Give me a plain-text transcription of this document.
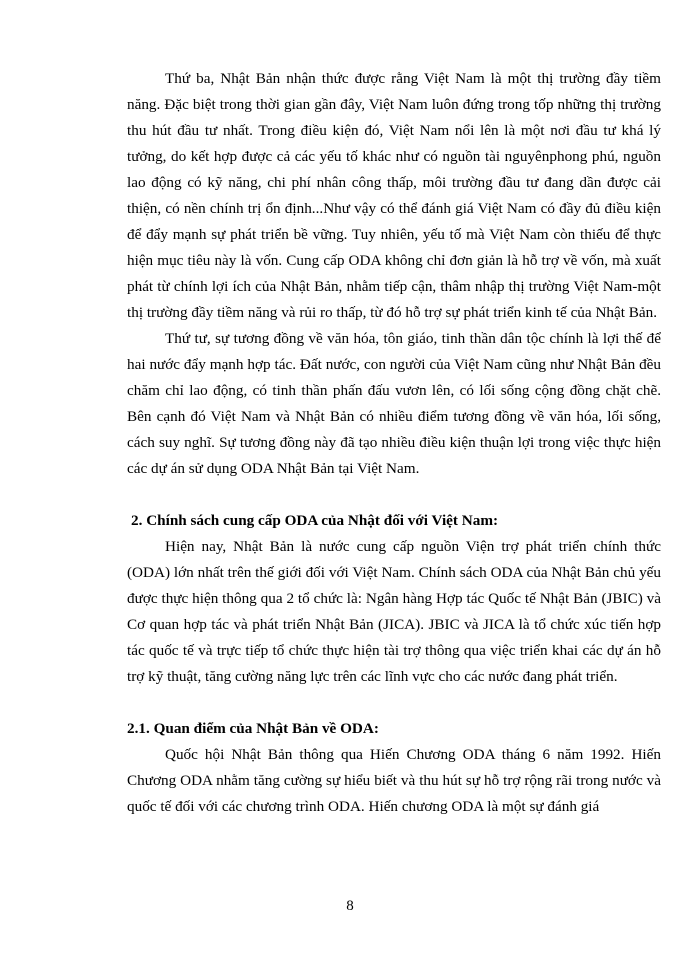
Thứ ba, Nhật Bản nhận thức được rằng Việt Nam là một thị trường đầy tiềm năng. Đặc biệt trong thời gian gần đây, Việt Nam luôn đứng trong tốp những thị trường thu hút đầu tư nhất. Trong điều kiện đó, Việt Nam nổi lên là một nơi đầu tư khá lý tưởng, do kết hợp được cả các yếu tố khác như có nguồn tài nguyênphong phú, nguồn lao động có kỹ năng, chi phí nhân công thấp, môi trường đầu tư đang dần được cải thiện, có nền chính trị ổn định...Như vậy có thể đánh giá Việt Nam có đầy đủ điều kiện để đẩy mạnh sự phát triển bề vững. Tuy nhiên, yếu tố mà Việt Nam còn thiếu để thực hiện mục tiêu này là vốn. Cung cấp ODA không chỉ đơn giản là hỗ trợ về vốn, mà xuất phát từ chính lợi ích của Nhật Bản, nhằm tiếp cận, thâm nhập thị trường Việt Nam-một thị trường đầy tiềm năng và rủi ro thấp, từ đó hỗ trợ sự phát triển kinh tế của Nhật Bản.

Thứ tư, sự tương đồng về văn hóa, tôn giáo, tinh thần dân tộc chính là lợi thế để hai nước đẩy mạnh hợp tác. Đất nước, con người của Việt Nam cũng như Nhật Bản đều chăm chỉ lao động, có tinh thần phấn đấu vươn lên, có lối sống cộng đồng chặt chẽ. Bên cạnh đó Việt Nam và Nhật Bản có nhiều điểm tương đồng về văn hóa, lối sống, cách suy nghĩ. Sự tương đồng này đã tạo nhiều điều kiện thuận lợi trong việc thực hiện các dự án sử dụng ODA Nhật Bản tại Việt Nam.

2. Chính sách cung cấp ODA của Nhật đối với Việt Nam:

Hiện nay, Nhật Bản là nước cung cấp nguồn Viện trợ phát triển chính thức (ODA) lớn nhất trên thế giới đối với Việt Nam. Chính sách ODA của Nhật Bản chủ yếu được thực hiện thông qua 2 tổ chức là: Ngân hàng Hợp tác Quốc tế Nhật Bản (JBIC) và Cơ quan hợp tác và phát triển Nhật Bản (JICA). JBIC và JICA là tổ chức xúc tiến hợp tác quốc tế và trực tiếp tổ chức thực hiện tài trợ thông qua việc triển khai các dự án hỗ trợ kỹ thuật, tăng cường năng lực trên các lĩnh vực cho các nước đang phát triển.

2.1. Quan điểm của Nhật Bản về ODA:

Quốc hội Nhật Bản thông qua Hiến Chương ODA tháng 6 năm 1992. Hiến Chương ODA nhằm tăng cường sự hiểu biết và thu hút sự hỗ trợ rộng rãi trong nước và quốc tế đối với các chương trình ODA. Hiến chương ODA là một sự đánh giá

8
